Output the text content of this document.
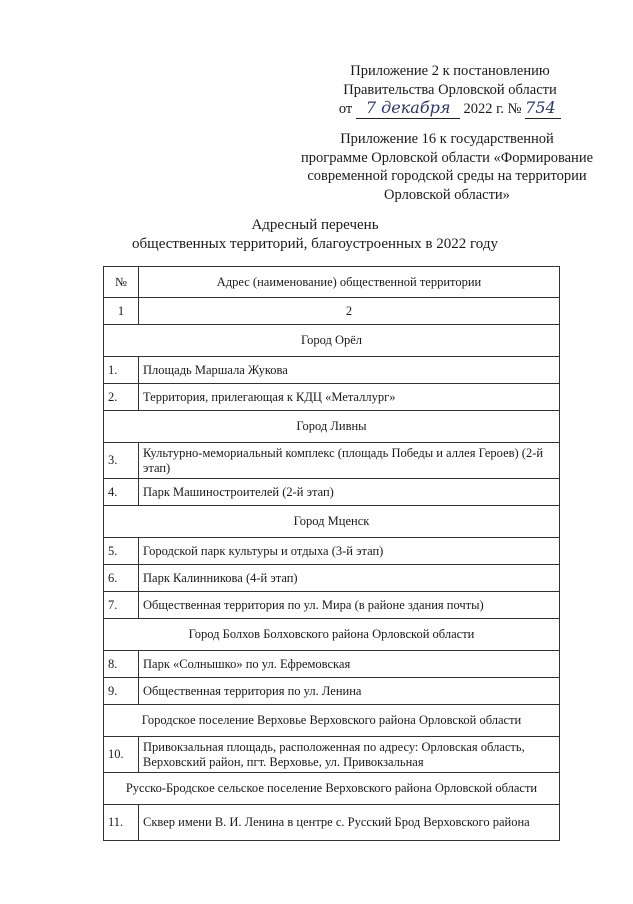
Приложение 2 к постановлению
Правительства Орловской области
от 7 декабря 2022 г. № 754
Приложение 16 к государственной
программе Орловской области «Формирование
современной городской среды на территории
Орловской области»
Адресный перечень
общественных территорий, благоустроенных в 2022 году
№	Адрес (наименование) общественной территории
1	2
Город Орёл	
1.	Площадь Маршала Жукова
2.	Территория, прилегающая к КДЦ «Металлург»
Город Ливны	
3.	Культурно-мемориальный комплекс (площадь Победы и аллея Героев) (2-й этап)
4.	Парк Машиностроителей (2-й этап)
Город Мценск	
5.	Городской парк культуры и отдыха (3-й этап)
6.	Парк Калинникова (4-й этап)
7.	Общественная территория по ул. Мира (в районе здания почты)
Город Болхов Болховского района Орловской области	
8.	Парк «Солнышко» по ул. Ефремовская
9.	Общественная территория по ул. Ленина
Городское поселение Верховье Верховского района Орловской области	
10.	Привокзальная площадь, расположенная по адресу: Орловская область, Верховский район, пгт. Верховье, ул. Привокзальная
Русско-Бродское сельское поселение Верховского района Орловской области	
11.	Сквер имени В. И. Ленина в центре с. Русский Брод Верховского района
